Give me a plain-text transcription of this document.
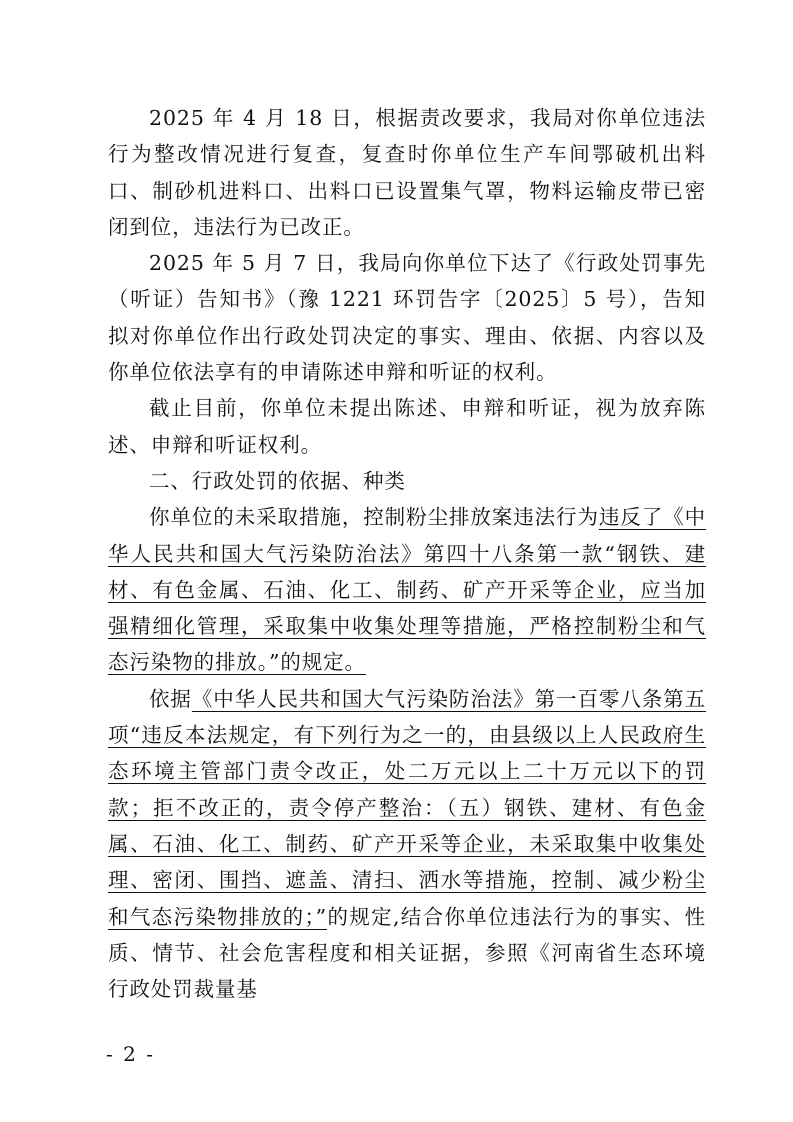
2025 年 4 月 18 日，根据责改要求，我局对你单位违法行为整改情况进行复查，复查时你单位生产车间鄂破机出料口、制砂机进料口、出料口已设置集气罩，物料运输皮带已密闭到位，违法行为已改正。

2025 年 5 月 7 日，我局向你单位下达了《行政处罚事先（听证）告知书》（豫 1221 环罚告字〔2025〕5 号），告知拟对你单位作出行政处罚决定的事实、理由、依据、内容以及你单位依法享有的申请陈述申辩和听证的权利。

截止目前，你单位未提出陈述、申辩和听证，视为放弃陈述、申辩和听证权利。

二、行政处罚的依据、种类

你单位的未采取措施，控制粉尘排放案违法行为违反了《中华人民共和国大气污染防治法》第四十八条第一款“钢铁、建材、有色金属、石油、化工、制药、矿产开采等企业，应当加强精细化管理，采取集中收集处理等措施，严格控制粉尘和气态污染物的排放。”的规定。

依据《中华人民共和国大气污染防治法》第一百零八条第五项“违反本法规定，有下列行为之一的，由县级以上人民政府生态环境主管部门责令改正，处二万元以上二十万元以下的罚款；拒不改正的，责令停产整治：（五）钢铁、建材、有色金属、石油、化工、制药、矿产开采等企业，未采取集中收集处理、密闭、围挡、遮盖、清扫、洒水等措施，控制、减少粉尘和气态污染物排放的；”的规定,结合你单位违法行为的事实、性质、情节、社会危害程度和相关证据，参照《河南省生态环境行政处罚裁量基

- 2 -
